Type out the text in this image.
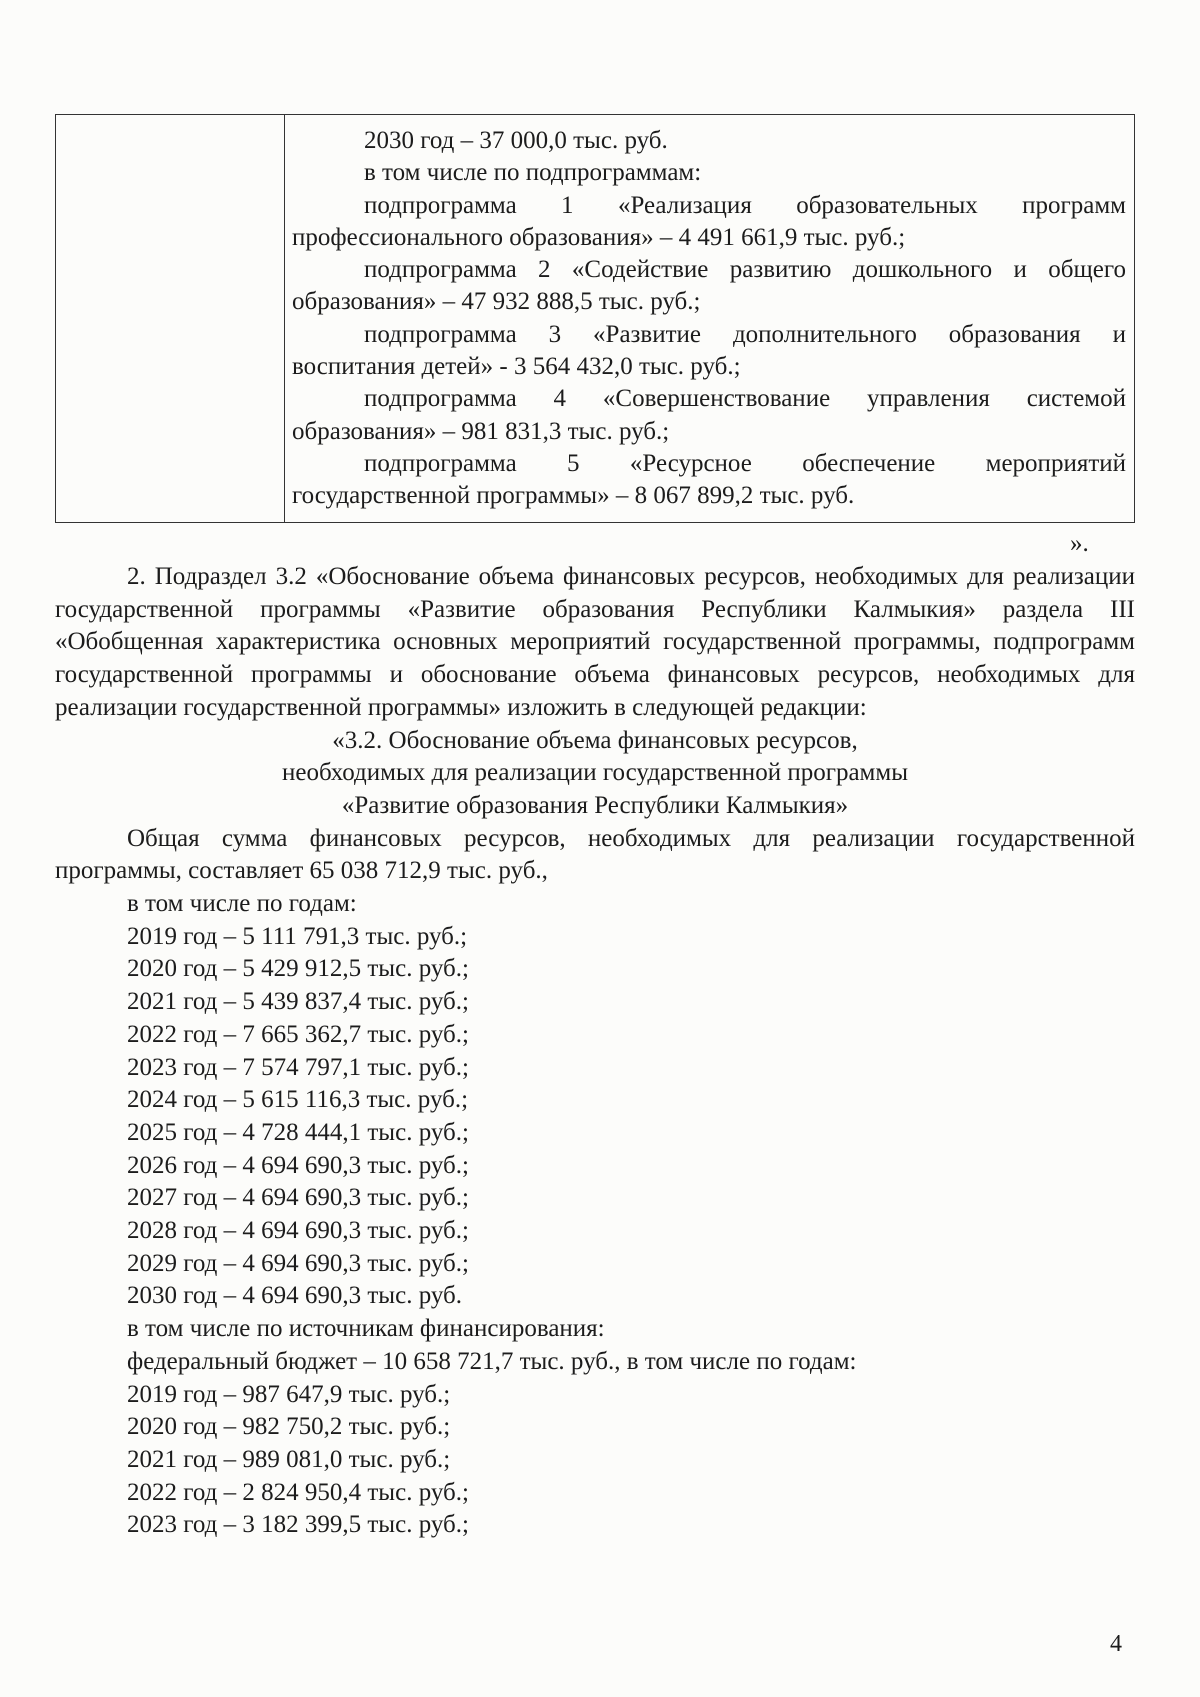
2030 год – 37 000,0 тыс. руб.

в том числе по подпрограммам:

подпрограмма 1 «Реализация образовательных программ профессионального образования» – 4 491 661,9 тыс. руб.;

подпрограмма 2 «Содействие развитию дошкольного и общего образования» – 47 932 888,5 тыс. руб.;

подпрограмма 3 «Развитие дополнительного образования и воспитания детей» - 3 564 432,0 тыс. руб.;

подпрограмма 4 «Совершенствование управления системой образования» – 981 831,3 тыс. руб.;

подпрограмма 5 «Ресурсное обеспечение мероприятий государственной программы» – 8 067 899,2 тыс. руб.

».

2. Подраздел 3.2 «Обоснование объема финансовых ресурсов, необходимых для реализации государственной программы «Развитие образования Республики Калмыкия» раздела III «Обобщенная характеристика основных мероприятий государственной программы, подпрограмм государственной программы и обоснование объема финансовых ресурсов, необходимых для реализации государственной программы» изложить в следующей редакции:

«3.2. Обоснование объема финансовых ресурсов,

необходимых для реализации государственной программы

«Развитие образования Республики Калмыкия»

Общая сумма финансовых ресурсов, необходимых для реализации государственной программы, составляет 65 038 712,9 тыс. руб.,

в том числе по годам:
2019 год – 5 111 791,3 тыс. руб.;
2020 год – 5 429 912,5 тыс. руб.;
2021 год – 5 439 837,4 тыс. руб.;
2022 год – 7 665 362,7 тыс. руб.;
2023 год – 7 574 797,1 тыс. руб.;
2024 год – 5 615 116,3 тыс. руб.;
2025 год – 4 728 444,1 тыс. руб.;
2026 год – 4 694 690,3 тыс. руб.;
2027 год – 4 694 690,3 тыс. руб.;
2028 год – 4 694 690,3 тыс. руб.;
2029 год – 4 694 690,3 тыс. руб.;
2030 год – 4 694 690,3 тыс. руб.
в том числе по источникам финансирования:
федеральный бюджет – 10 658 721,7 тыс. руб., в том числе по годам:
2019 год – 987 647,9 тыс. руб.;
2020 год – 982 750,2 тыс. руб.;
2021 год – 989 081,0 тыс. руб.;
2022 год – 2 824 950,4 тыс. руб.;
2023 год – 3 182 399,5 тыс. руб.;
4
